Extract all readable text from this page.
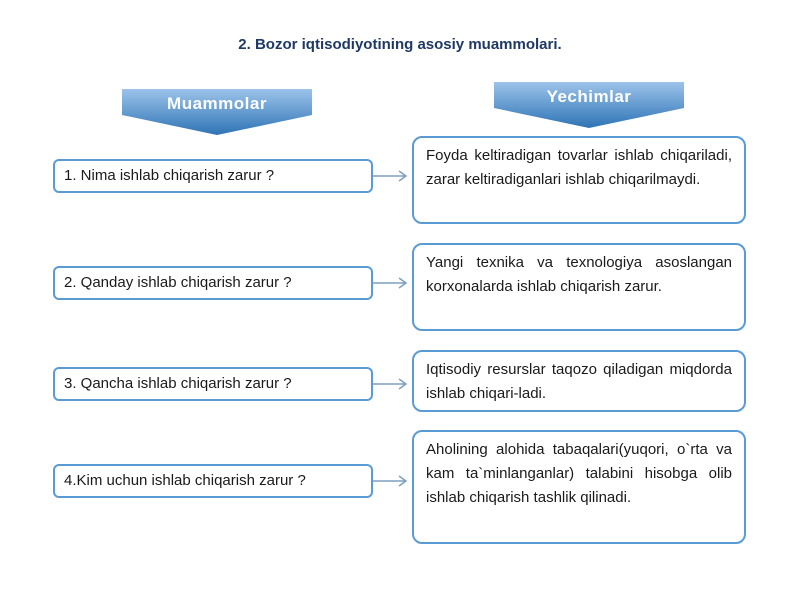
2. Bozor iqtisodiyotining asosiy muammolari.
Muammolar	Yechimlar
1. Nima ishlab chiqarish zarur ?
2. Qanday ishlab chiqarish zarur ?
3. Qancha ishlab chiqarish zarur ?
4.Kim uchun ishlab chiqarish zarur ?
Foyda keltiradigan tovarlar ishlab chiqariladi, zarar keltiradiganlari ishlab chiqarilmaydi.
Yangi texnika va texnologiya asoslangan korxonalarda ishlab chiqarish zarur.
Iqtisodiy resurslar taqozo qiladigan miqdorda ishlab chiqari-ladi.
Aholining alohida tabaqalari(yuqori, o`rta va kam ta`minlanganlar) talabini hisobga olib ishlab chiqarish tashlik qilinadi.
